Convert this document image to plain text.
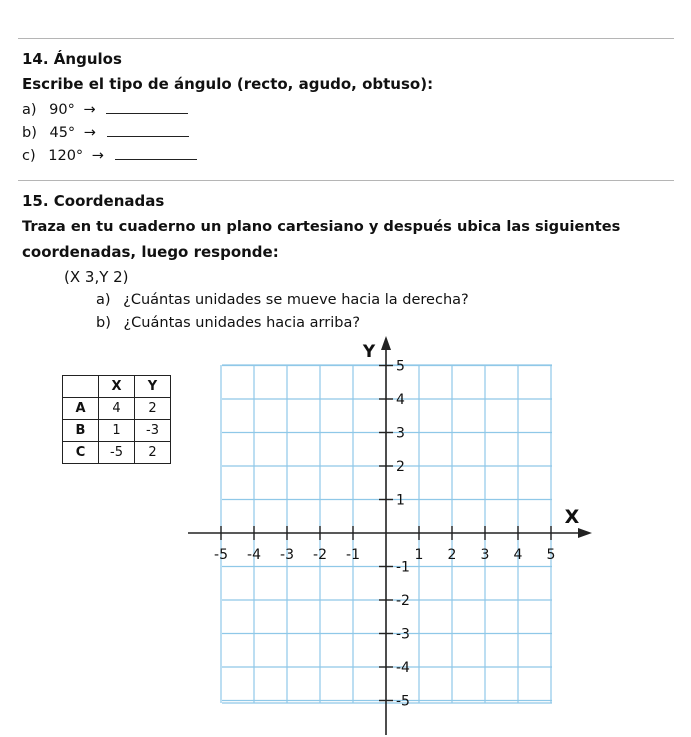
14. Ángulos
Escribe el tipo de ángulo (recto, agudo, obtuso):
a) 90° →
b) 45° →
c) 120° →
15. Coordenadas
Traza en tu cuaderno un plano cartesiano y después ubica las siguientes
coordenadas, luego responde:
(X 3,Y 2)
a) ¿Cuántas unidades se mueve hacia la derecha?
b) ¿Cuántas unidades hacia arriba?
	X	Y
A	4	2
B	1	-3
C	-5	2
-5 -4 -3 -2 -1	1 2 3 4 5
5
4
3
2
1
-1
-2
-3
-4
-5
X
Y
